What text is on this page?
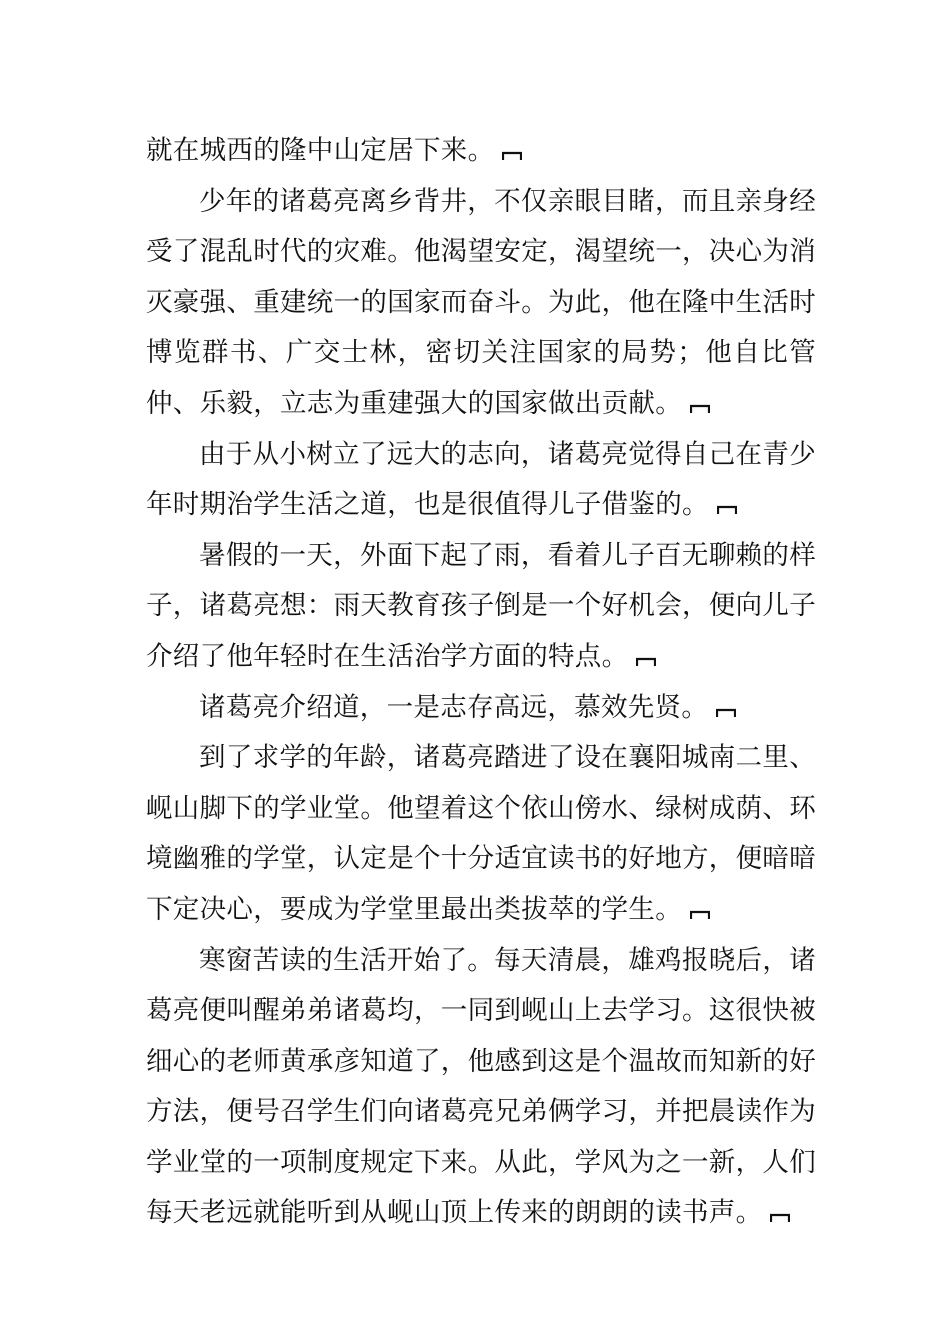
就在城西的隆中山定居下来。

少年的诸葛亮离乡背井，不仅亲眼目睹，而且亲身经受了混乱时代的灾难。他渴望安定，渴望统一，决心为消灭豪强、重建统一的国家而奋斗。为此，他在隆中生活时博览群书、广交士林，密切关注国家的局势；他自比管仲、乐毅，立志为重建强大的国家做出贡献。

由于从小树立了远大的志向，诸葛亮觉得自己在青少年时期治学生活之道，也是很值得儿子借鉴的。

暑假的一天，外面下起了雨，看着儿子百无聊赖的样子，诸葛亮想：雨天教育孩子倒是一个好机会，便向儿子介绍了他年轻时在生活治学方面的特点。

诸葛亮介绍道，一是志存高远，慕效先贤。

到了求学的年龄，诸葛亮踏进了设在襄阳城南二里、岘山脚下的学业堂。他望着这个依山傍水、绿树成荫、环境幽雅的学堂，认定是个十分适宜读书的好地方，便暗暗下定决心，要成为学堂里最出类拔萃的学生。

寒窗苦读的生活开始了。每天清晨，雄鸡报晓后，诸葛亮便叫醒弟弟诸葛均，一同到岘山上去学习。这很快被细心的老师黄承彦知道了，他感到这是个温故而知新的好方法，便号召学生们向诸葛亮兄弟俩学习，并把晨读作为学业堂的一项制度规定下来。从此，学风为之一新，人们每天老远就能听到从岘山顶上传来的朗朗的读书声。
